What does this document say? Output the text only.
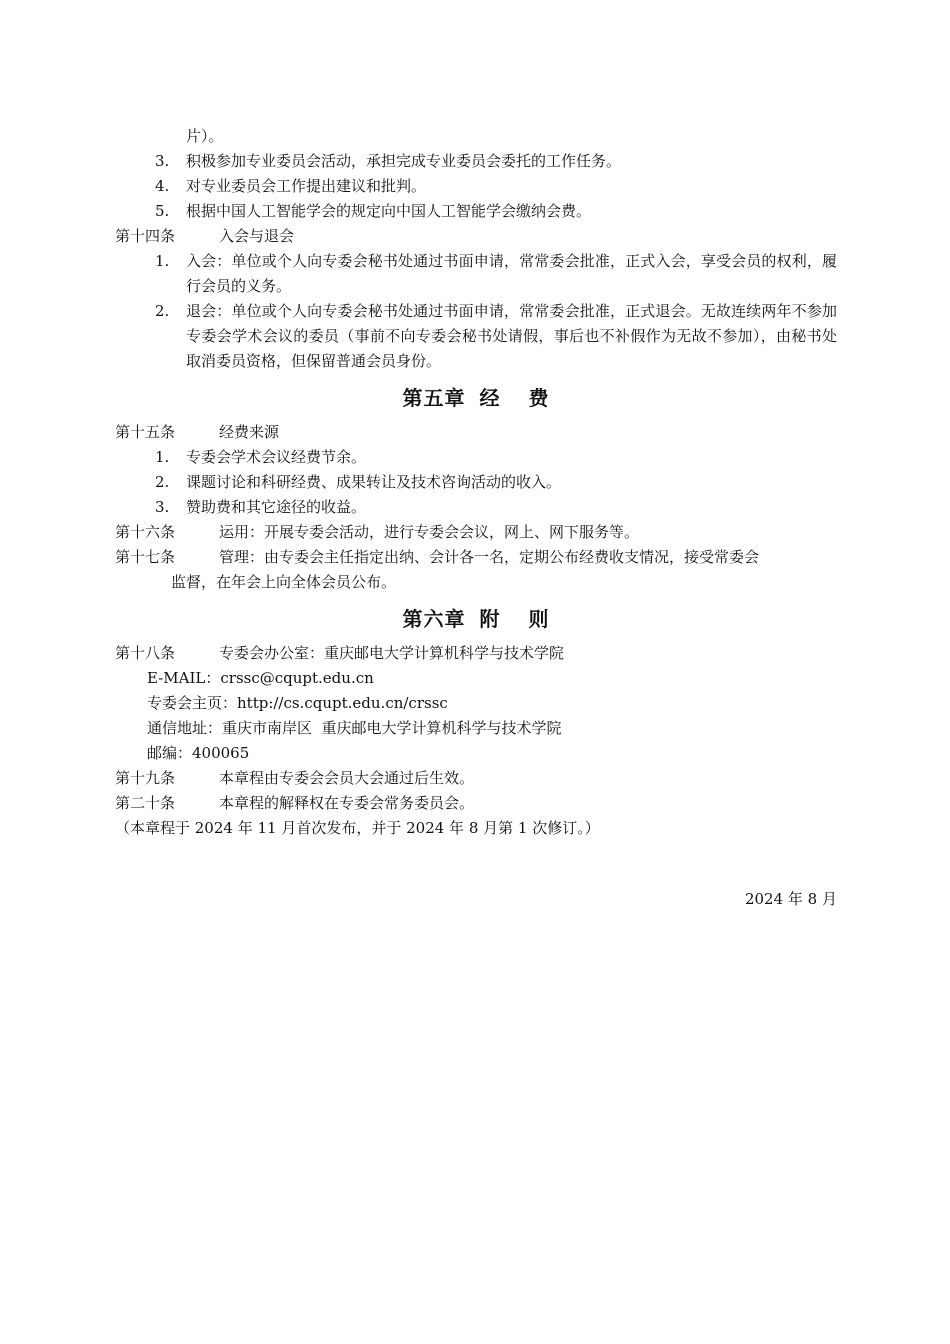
片）。
3. 积极参加专业委员会活动，承担完成专业委员会委托的工作任务。
4. 对专业委员会工作提出建议和批判。
5. 根据中国人工智能学会的规定向中国人工智能学会缴纳会费。
第十四条	入会与退会
1. 入会：单位或个人向专委会秘书处通过书面申请，常常委会批准，正式入会，享受会员的权利，履行会员的义务。
2. 退会：单位或个人向专委会秘书处通过书面申请，常常委会批准，正式退会。无故连续两年不参加专委会学术会议的委员（事前不向专委会秘书处请假，事后也不补假作为无故不参加），由秘书处取消委员资格，但保留普通会员身份。
第五章 经 费
第十五条	经费来源
1. 专委会学术会议经费节余。
2. 课题讨论和科研经费、成果转让及技术咨询活动的收入。
3. 赞助费和其它途径的收益。
第十六条	运用：开展专委会活动，进行专委会会议，网上、网下服务等。
第十七条	管理：由专委会主任指定出纳、会计各一名，定期公布经费收支情况，接受常委会
监督，在年会上向全体会员公布。
第六章 附 则
第十八条	专委会办公室：重庆邮电大学计算机科学与技术学院
E-MAIL：crssc@cqupt.edu.cn
专委会主页：http://cs.cqupt.edu.cn/crssc
通信地址：重庆市南岸区  重庆邮电大学计算机科学与技术学院
邮编：400065
第十九条	本章程由专委会会员大会通过后生效。
第二十条	本章程的解释权在专委会常务委员会。
（本章程于 2024 年 11 月首次发布，并于 2024 年 8 月第 1 次修订。）
2024 年 8 月
